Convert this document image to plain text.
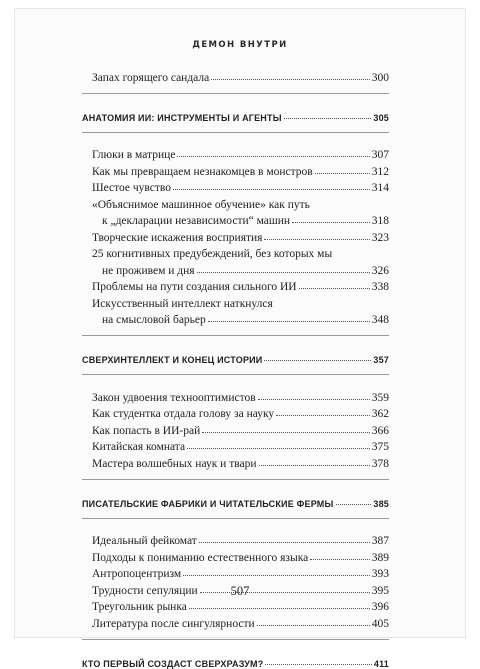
ДЕМОН ВНУТРИ
Запах горящего сандала	300
АНАТОМИЯ ИИ: ИНСТРУМЕНТЫ И АГЕНТЫ	305
Глюки в матрице	307
Как мы превращаем незнакомцев в монстров	312
Шестое чувство	314
«Объяснимое машинное обучение» как путь
к „декларации независимости“ машин	318
Творческие искажения восприятия	323
25 когнитивных предубеждений, без которых мы
не проживем и дня	326
Проблемы на пути создания сильного ИИ	338
Искусственный интеллект наткнулся
на смысловой барьер	348
СВЕРХИНТЕЛЛЕКТ И КОНЕЦ ИСТОРИИ	357
Закон удвоения технооптимистов	359
Как студентка отдала голову за науку	362
Как попасть в ИИ-рай	366
Китайская комната	375
Мастера волшебных наук и твари	378
ПИСАТЕЛЬСКИЕ ФАБРИКИ И ЧИТАТЕЛЬСКИЕ ФЕРМЫ	385
Идеальный фейкомат	387
Подходы к пониманию естественного языка	389
Антропоцентризм	393
Трудности сепуляции	395
Треугольник рынка	396
Литература после сингулярности	405
КТО ПЕРВЫЙ СОЗДАСТ СВЕРХРАЗУМ?	411
507
